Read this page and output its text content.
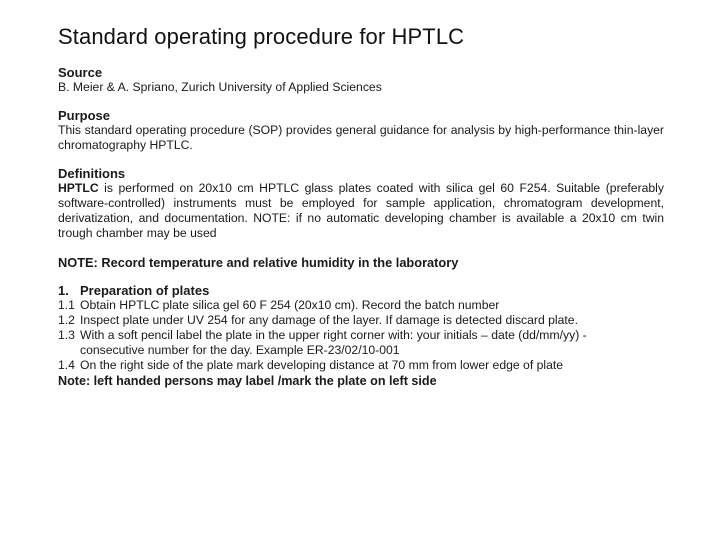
Standard operating procedure for HPTLC

Source

B. Meier & A. Spriano, Zurich University of Applied Sciences

Purpose

This standard operating procedure (SOP) provides general guidance for analysis by high-performance thin-layer chromatography HPTLC.

Definitions

HPTLC is performed on 20x10 cm HPTLC glass plates coated with silica gel 60 F254. Suitable (preferably software-controlled) instruments must be employed for sample application, chromatogram development, derivatization, and documentation. NOTE: if no automatic developing chamber is available a 20x10 cm twin trough chamber may be used

NOTE: Record temperature and relative humidity in the laboratory

1. Preparation of plates

1.1 Obtain HPTLC plate silica gel 60 F 254 (20x10 cm). Record the batch number
1.2 Inspect plate under UV 254 for any damage of the layer. If damage is detected discard plate.
1.3 With a soft pencil label the plate in the upper right corner with: your initials – date (dd/mm/yy) - consecutive number for the day. Example ER-23/02/10-001
1.4 On the right side of the plate mark developing distance at 70 mm from lower edge of plate

Note: left handed persons may label /mark the plate on left side
